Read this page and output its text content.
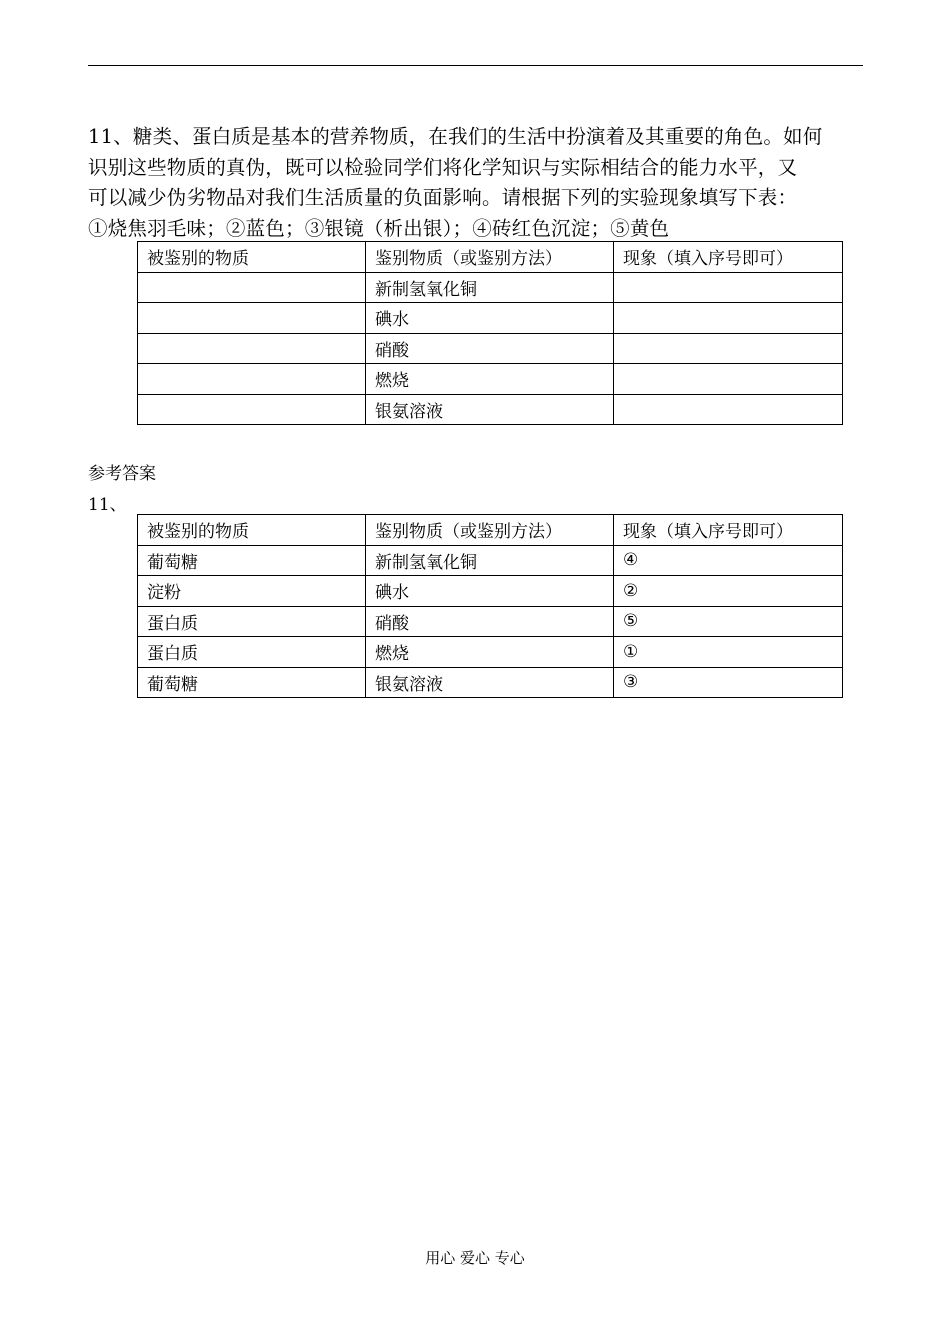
11、糖类、蛋白质是基本的营养物质，在我们的生活中扮演着及其重要的角色。如何
识别这些物质的真伪，既可以检验同学们将化学知识与实际相结合的能力水平，又
可以减少伪劣物品对我们生活质量的负面影响。请根据下列的实验现象填写下表：
①烧焦羽毛味；②蓝色；③银镜（析出银）；④砖红色沉淀；⑤黄色
被鉴别的物质	鉴别物质（或鉴别方法）	现象（填入序号即可）
	新制氢氧化铜	
	碘水	
	硝酸	
	燃烧	
	银氨溶液	
参考答案
11、
被鉴别的物质	鉴别物质（或鉴别方法）	现象（填入序号即可）
葡萄糖	新制氢氧化铜	④
淀粉	碘水	②
蛋白质	硝酸	⑤
蛋白质	燃烧	①
葡萄糖	银氨溶液	③
用心 爱心 专心
